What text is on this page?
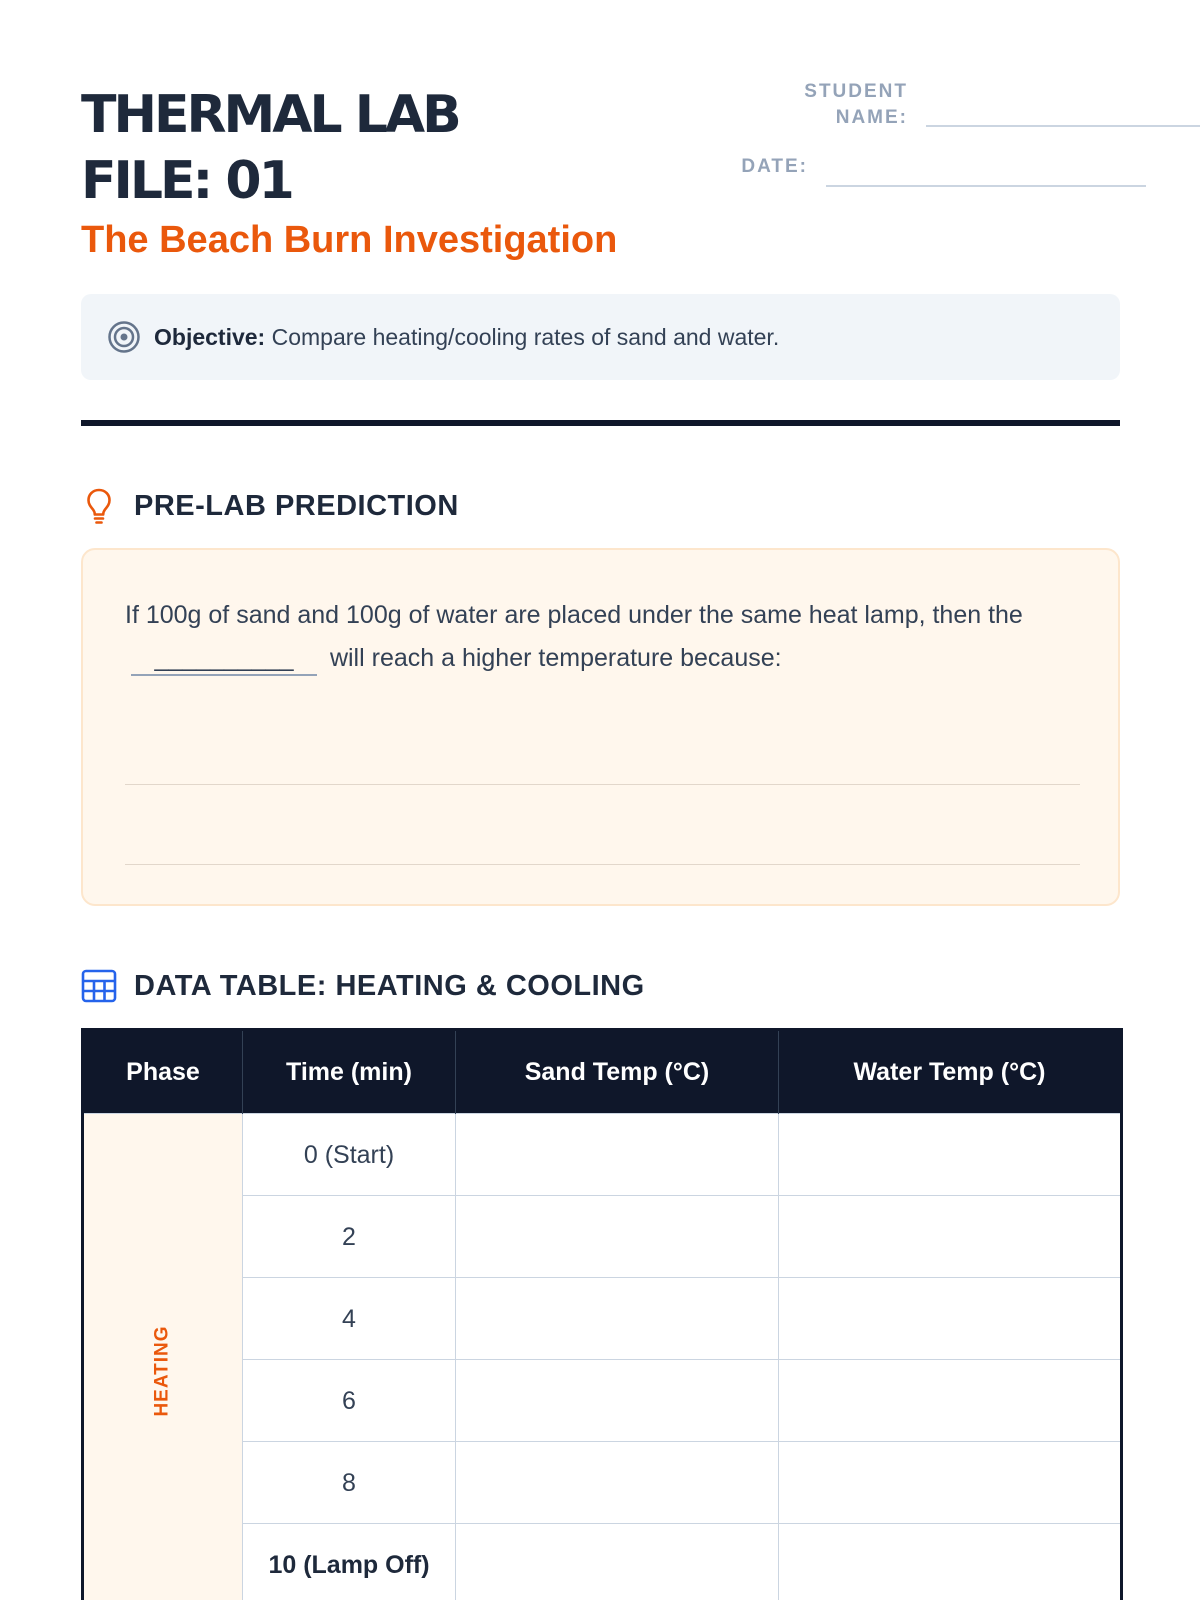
THERMAL LAB
FILE: 01
The Beach Burn Investigation
STUDENT
NAME:
DATE:
Objective: Compare heating/cooling rates of sand and water.
PRE-LAB PREDICTION
If 100g of sand and 100g of water are placed under the same heat lamp, then the __________ will reach a higher temperature because:
DATA TABLE: HEATING & COOLING
Phase	Time (min)	Sand Temp (°C)	Water Temp (°C)
HEATING	0 (Start)		
	2		
	4		
	6		
	8		
	10 (Lamp Off)		
